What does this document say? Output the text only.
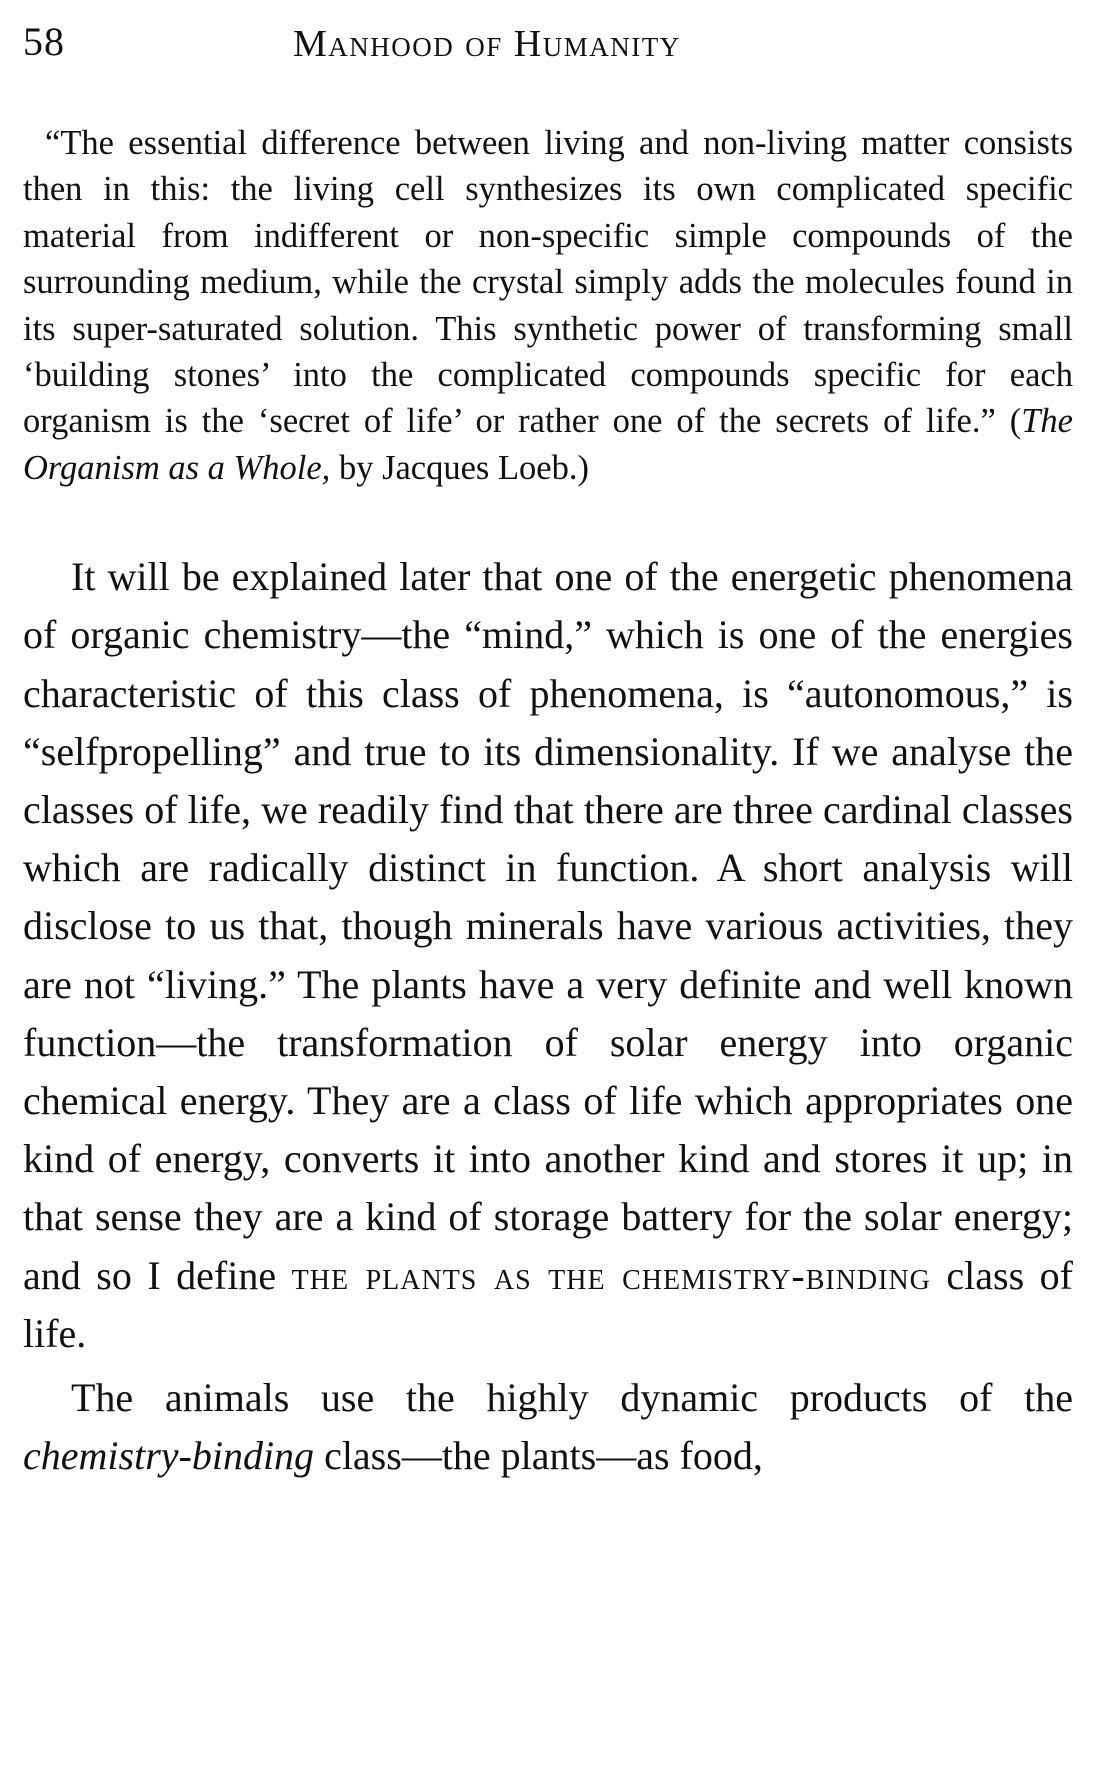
58	Manhood of Humanity
“The essential difference between living and non-living matter consists then in this: the living cell synthesizes its own complicated specific material from indifferent or non-specific simple compounds of the surrounding medium, while the crystal simply adds the molecules found in its super-saturated solution. This synthetic power of transforming small ‘building stones’ into the complicated compounds specific for each organism is the ‘secret of life’ or rather one of the secrets of life.” (The Organism as a Whole, by Jacques Loeb.)

It will be explained later that one of the energetic phenomena of organic chemistry—the “mind,” which is one of the energies characteristic of this class of phenomena, is “autonomous,” is “selfpropelling” and true to its dimensionality. If we analyse the classes of life, we readily find that there are three cardinal classes which are radically distinct in function. A short analysis will disclose to us that, though minerals have various activities, they are not “living.” The plants have a very definite and well known function—the transformation of solar energy into organic chemical energy. They are a class of life which appropriates one kind of energy, converts it into another kind and stores it up; in that sense they are a kind of storage battery for the solar energy; and so I define the plants as the chemistry-binding class of life.

The animals use the highly dynamic products of the chemistry-binding class—the plants—as food,
